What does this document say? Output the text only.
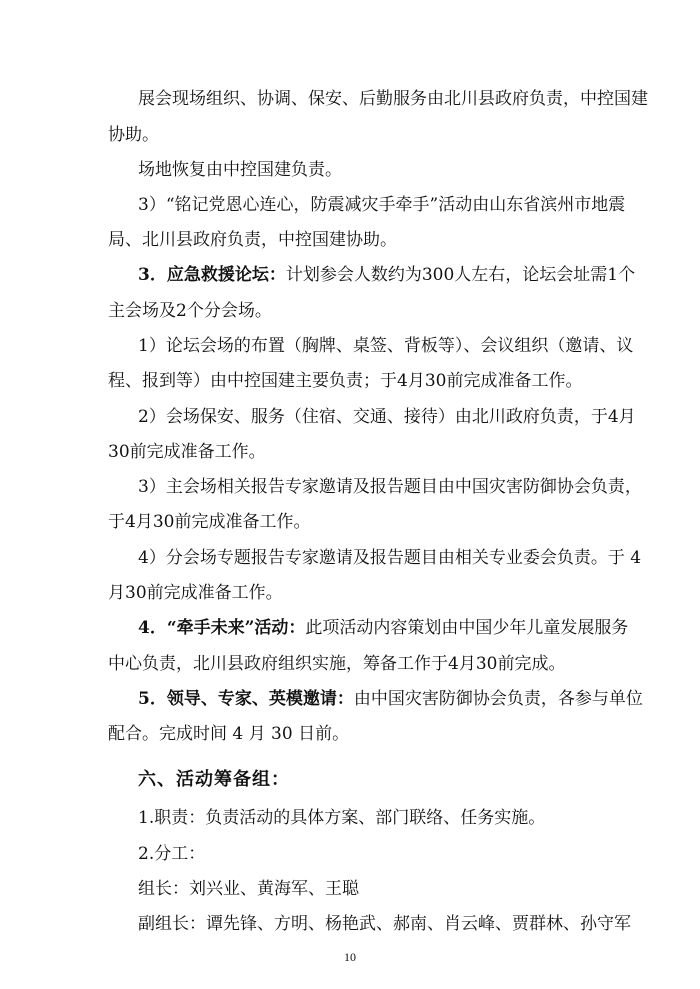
展会现场组织、协调、保安、后勤服务由北川县政府负责，中控国建
协助。
场地恢复由中控国建负责。
3）“铭记党恩心连心，防震减灾手牵手”活动由山东省滨州市地震
局、北川县政府负责，中控国建协助。
3．应急救援论坛：计划参会人数约为300人左右，论坛会址需1个
主会场及2个分会场。
1）论坛会场的布置（胸牌、桌签、背板等）、会议组织（邀请、议
程、报到等）由中控国建主要负责；于4月30前完成准备工作。
2）会场保安、服务（住宿、交通、接待）由北川政府负责，于4月
30前完成准备工作。
3）主会场相关报告专家邀请及报告题目由中国灾害防御协会负责，
于4月30前完成准备工作。
4）分会场专题报告专家邀请及报告题目由相关专业委会负责。于 4
月30前完成准备工作。
4．“牵手未来”活动：此项活动内容策划由中国少年儿童发展服务
中心负责，北川县政府组织实施，筹备工作于4月30前完成。
5．领导、专家、英模邀请：由中国灾害防御协会负责，各参与单位
配合。完成时间 4 月 30 日前。
六、活动筹备组：
1.职责：负责活动的具体方案、部门联络、任务实施。
2.分工：
组长：刘兴业、黄海军、王聪
副组长：谭先锋、方明、杨艳武、郝南、肖云峰、贾群林、孙守军
10
